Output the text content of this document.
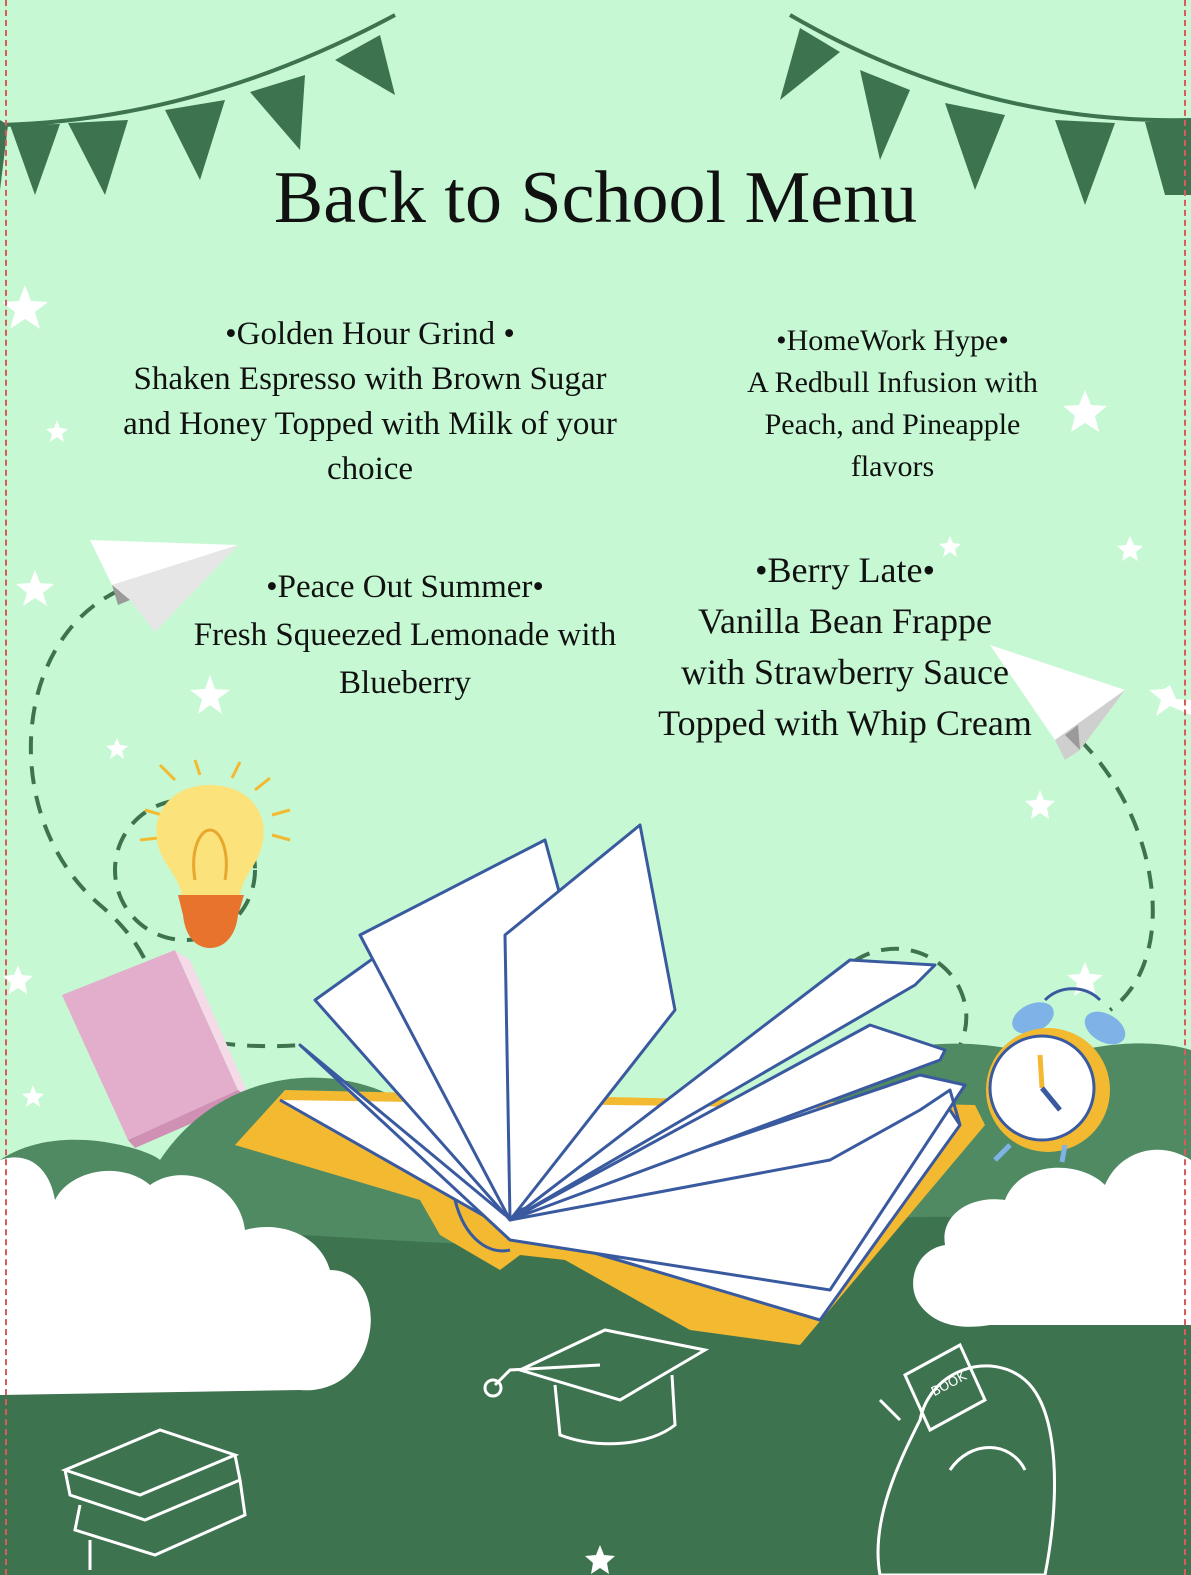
BOOK
Back to School Menu
•Golden Hour Grind •
Shaken Espresso with Brown Sugar
and Honey Topped with Milk of your
choice
•HomeWork Hype•
A Redbull Infusion with
Peach, and Pineapple
flavors
•Peace Out Summer•
Fresh Squeezed Lemonade with
Blueberry
•Berry Late•
Vanilla Bean Frappe
with Strawberry Sauce
Topped with Whip Cream
